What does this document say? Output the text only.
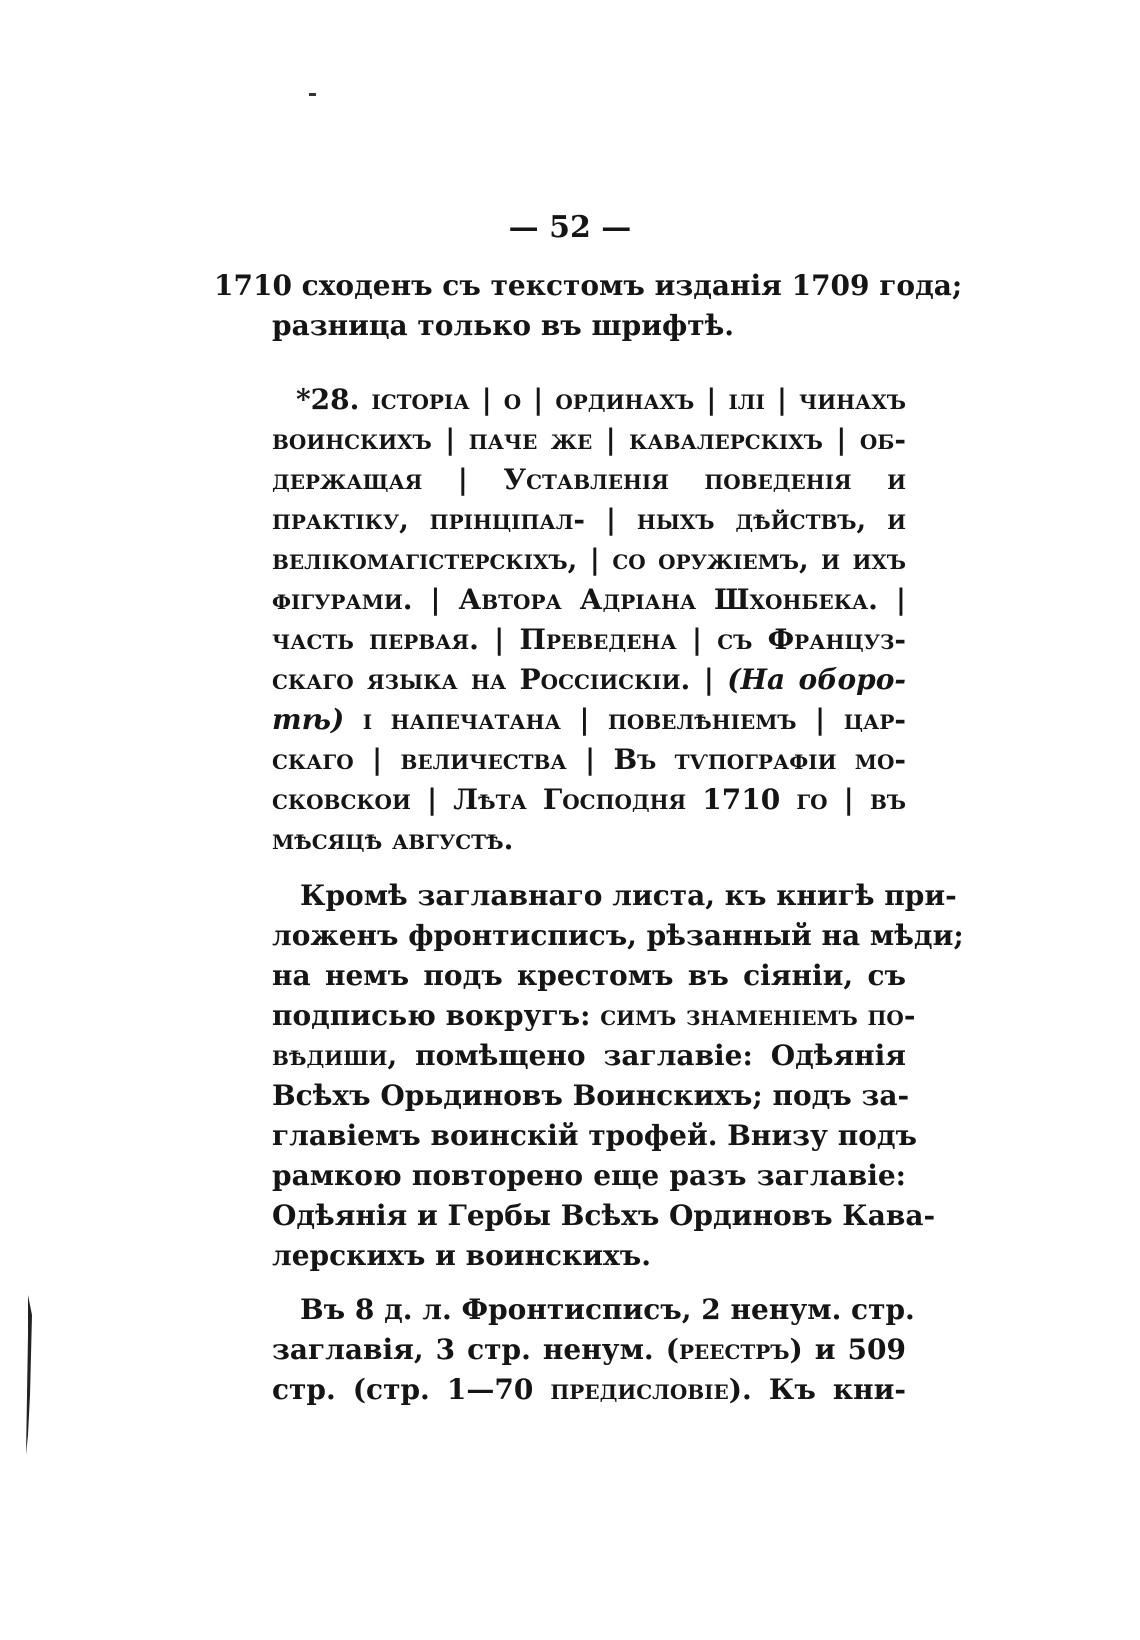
— 52 —

1710 сходенъ съ текстомъ изданія 1709 года;

разница только въ шрифтѣ.

*28. iсторiа | о | ординахъ | iлi | чинахъ

воинскихъ | паче же | кавалерскiхъ | об-

держащая | Уставленiя поведенiя и

практiку, прiнцiпал- | ныхъ дѣйствъ, и

велiкомагiстерскiхъ, | со оружiемъ, и ихъ

фiгурами. | Автора Адрiана Шхонбека. |

часть первая. | Преведена | съ Француз-

скаго языка на Россiискiи. | (На оборо-

тѣ) i напечатана | повелѣнiемъ | цар-

скаго | величества | Въ тѵпографiи мо-

сковскои | Лѣта Господня 1710 го | въ

мѣсяцѣ августѣ.

Кромѣ заглавнаго листа, къ книгѣ при-

ложенъ фронтисписъ, рѣзанный на мѣди;

на немъ подъ крестомъ въ сiянiи, съ

подписью вокругъ: симъ знаменiемъ по-

вѣдиши, помѣщено заглавiе: Одѣянiя

Всѣхъ Орьдиновъ Воинскихъ; подъ за-

главiемъ воинскiй трофей. Внизу подъ

рамкою повторено еще разъ заглавiе:

Одѣянiя и Гербы Всѣхъ Ординовъ Кава-

лерскихъ и воинскихъ.

Въ 8 д. л. Фронтисписъ, 2 ненум. стр.

заглавiя, 3 стр. ненум. (реестръ) и 509

стр. (стр. 1—70 предисловiе). Къ кни-
